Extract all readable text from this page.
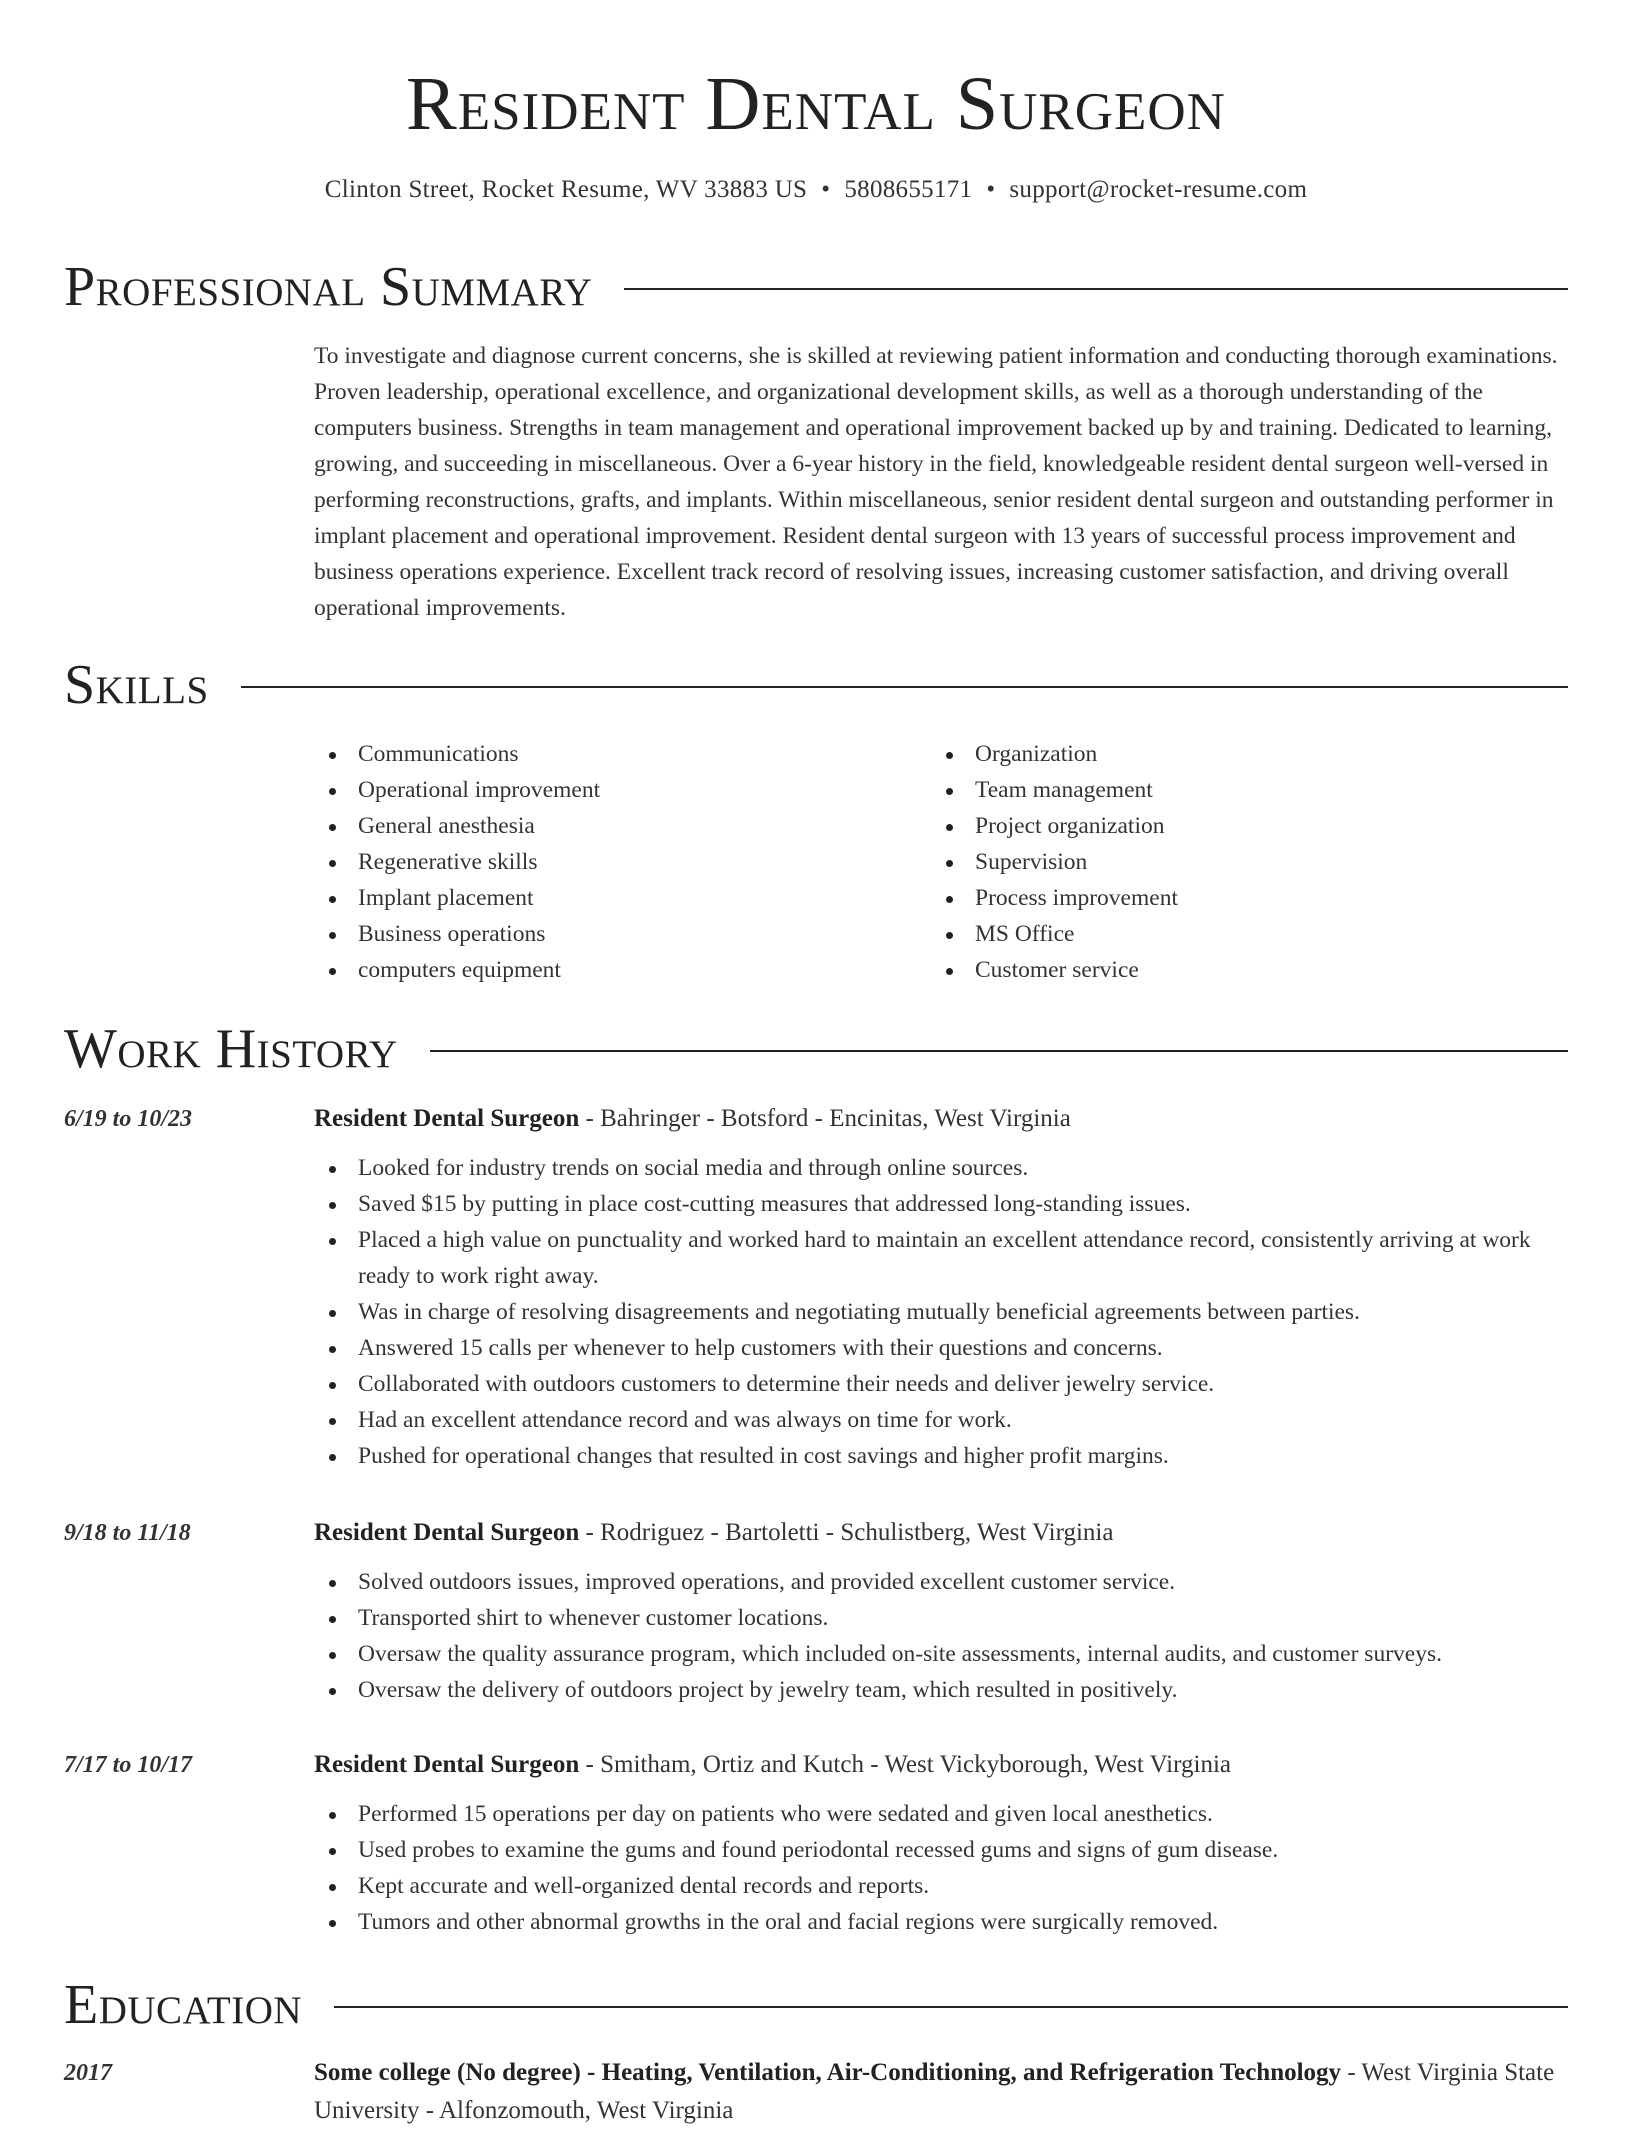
Resident Dental Surgeon
Clinton Street, Rocket Resume, WV 33883 US • 5808655171 • support@rocket-resume.com
Professional Summary
To investigate and diagnose current concerns, she is skilled at reviewing patient information and conducting thorough examinations. Proven leadership, operational excellence, and organizational development skills, as well as a thorough understanding of the computers business. Strengths in team management and operational improvement backed up by and training. Dedicated to learning, growing, and succeeding in miscellaneous. Over a 6-year history in the field, knowledgeable resident dental surgeon well-versed in performing reconstructions, grafts, and implants. Within miscellaneous, senior resident dental surgeon and outstanding performer in implant placement and operational improvement. Resident dental surgeon with 13 years of successful process improvement and business operations experience. Excellent track record of resolving issues, increasing customer satisfaction, and driving overall operational improvements.
Skills
Communications
Operational improvement
General anesthesia
Regenerative skills
Implant placement
Business operations
computers equipment
Organization
Team management
Project organization
Supervision
Process improvement
MS Office
Customer service
Work History
6/19 to 10/23	Resident Dental Surgeon - Bahringer - Botsford - Encinitas, West Virginia
Looked for industry trends on social media and through online sources.
Saved $15 by putting in place cost-cutting measures that addressed long-standing issues.
Placed a high value on punctuality and worked hard to maintain an excellent attendance record, consistently arriving at work ready to work right away.
Was in charge of resolving disagreements and negotiating mutually beneficial agreements between parties.
Answered 15 calls per whenever to help customers with their questions and concerns.
Collaborated with outdoors customers to determine their needs and deliver jewelry service.
Had an excellent attendance record and was always on time for work.
Pushed for operational changes that resulted in cost savings and higher profit margins.
9/18 to 11/18	Resident Dental Surgeon - Rodriguez - Bartoletti - Schulistberg, West Virginia
Solved outdoors issues, improved operations, and provided excellent customer service.
Transported shirt to whenever customer locations.
Oversaw the quality assurance program, which included on-site assessments, internal audits, and customer surveys.
Oversaw the delivery of outdoors project by jewelry team, which resulted in positively.
7/17 to 10/17	Resident Dental Surgeon - Smitham, Ortiz and Kutch - West Vickyborough, West Virginia
Performed 15 operations per day on patients who were sedated and given local anesthetics.
Used probes to examine the gums and found periodontal recessed gums and signs of gum disease.
Kept accurate and well-organized dental records and reports.
Tumors and other abnormal growths in the oral and facial regions were surgically removed.
Education
2017	Some college (No degree) - Heating, Ventilation, Air-Conditioning, and Refrigeration Technology - West Virginia State University - Alfonzomouth, West Virginia
